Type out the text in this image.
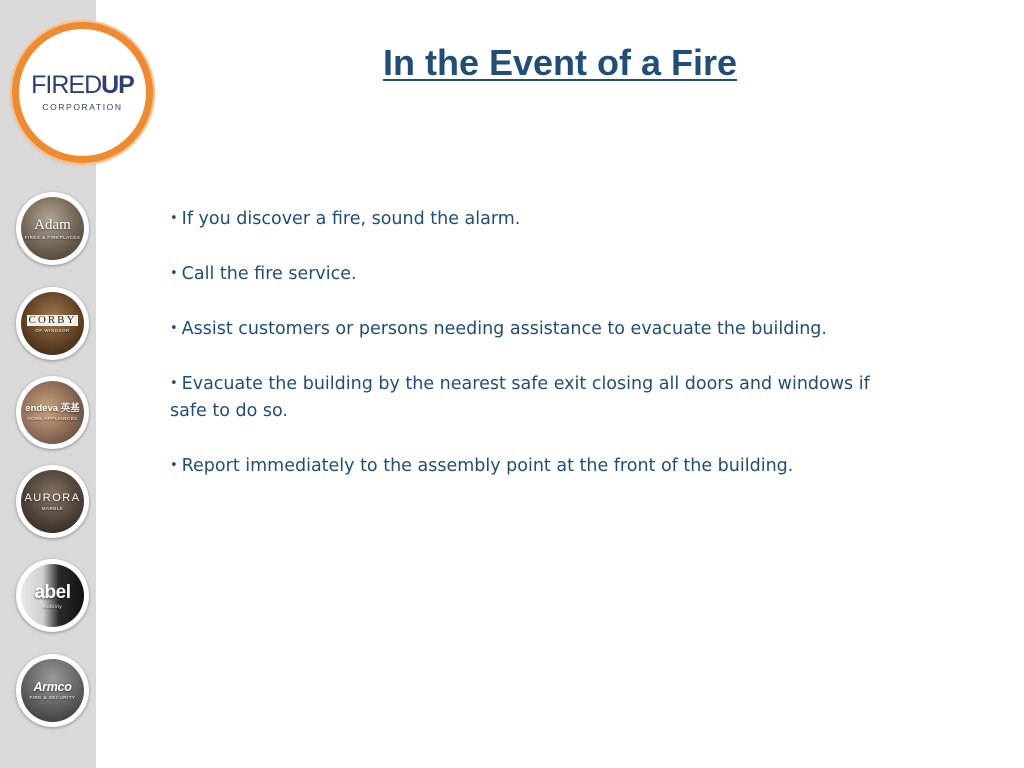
FIREDUP
CORPORATION
Adam
FIRES & FIREPLACES
CORBY
OF WINDSOR
endeva 英基
HOME APPLIANCES
AURORA
MARBLE
abel
mobility
Armco
FIRE & SECURITY
In the Event of a Fire
• If you discover a fire, sound the alarm.
• Call the fire service.
• Assist customers or persons needing assistance to evacuate the building.
• Evacuate the building by the nearest safe exit closing all doors and windows if safe to do so.
• Report immediately to the assembly point at the front of the building.
